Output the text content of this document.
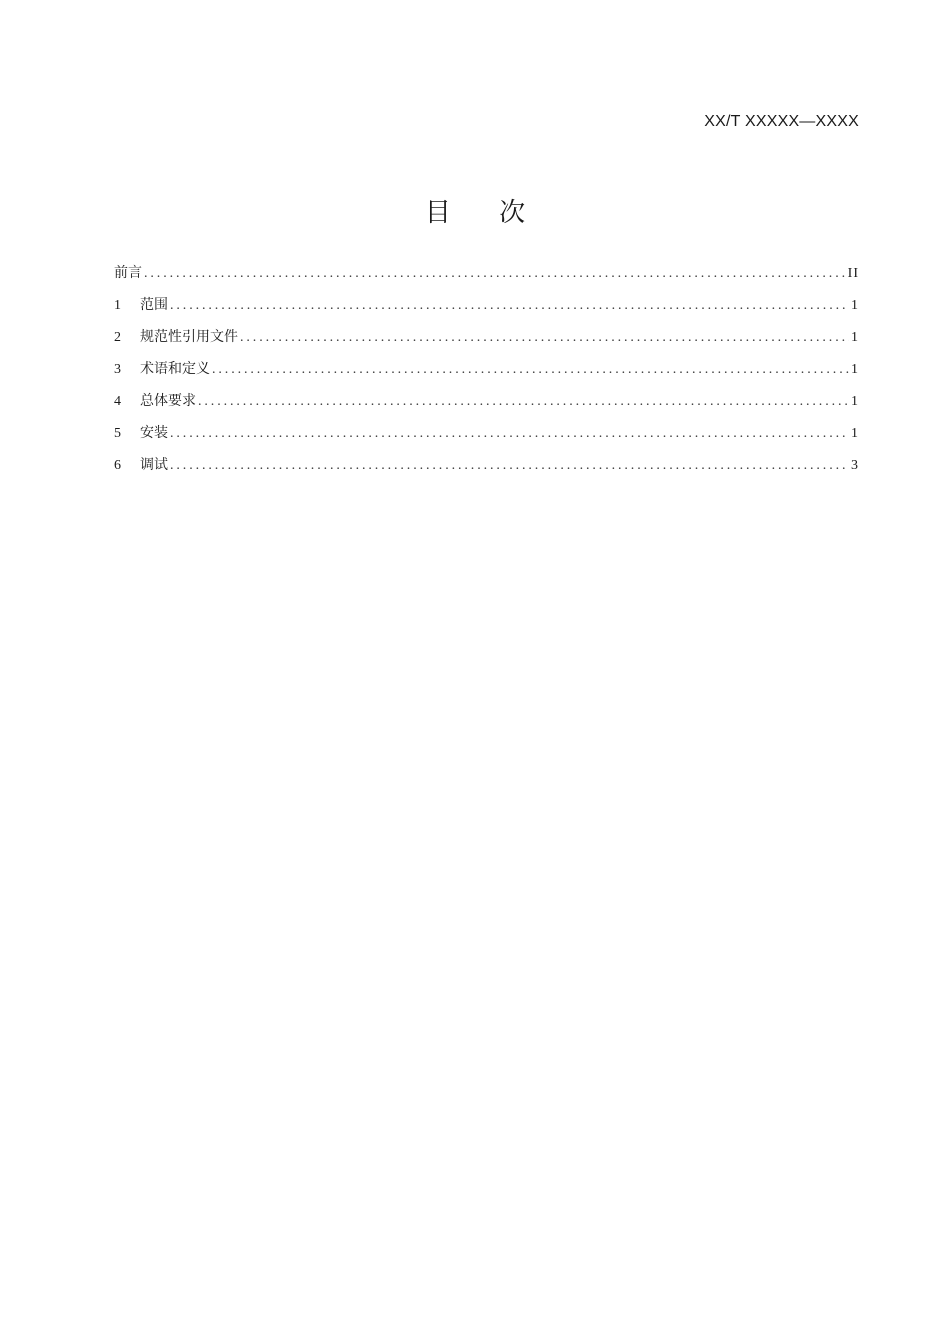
XX/T XXXXX—XXXX
目 次
前言 .....	II
1	范围 .....	1
2	规范性引用文件 .....	1
3	术语和定义 .....	1
4	总体要求 .....	1
5	安装 .....	1
6	调试 .....	3
